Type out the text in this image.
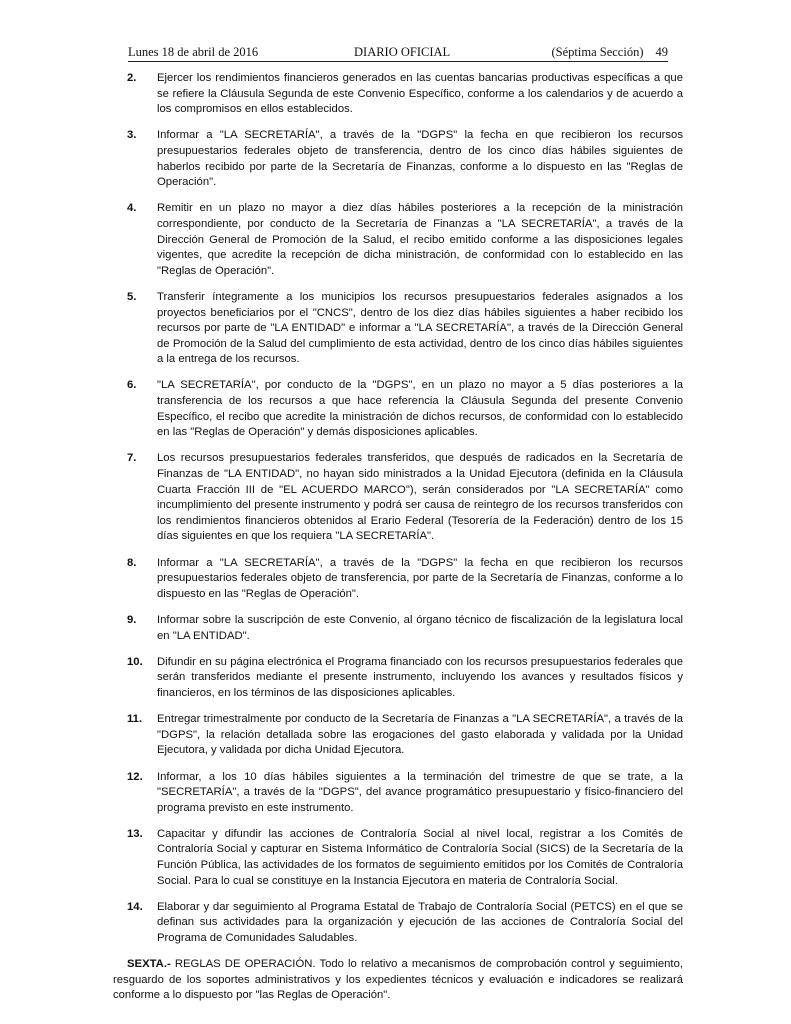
Lunes 18 de abril de 2016	DIARIO OFICIAL	(Séptima Sección) 49
2. Ejercer los rendimientos financieros generados en las cuentas bancarias productivas específicas a que se refiere la Cláusula Segunda de este Convenio Específico, conforme a los calendarios y de acuerdo a los compromisos en ellos establecidos.
3. Informar a "LA SECRETARÍA", a través de la "DGPS" la fecha en que recibieron los recursos presupuestarios federales objeto de transferencia, dentro de los cinco días hábiles siguientes de haberlos recibido por parte de la Secretaría de Finanzas, conforme a lo dispuesto en las "Reglas de Operación".
4. Remitir en un plazo no mayor a diez días hábiles posteriores a la recepción de la ministración correspondiente, por conducto de la Secretaría de Finanzas a "LA SECRETARÍA", a través de la Dirección General de Promoción de la Salud, el recibo emitido conforme a las disposiciones legales vigentes, que acredite la recepción de dicha ministración, de conformidad con lo establecido en las "Reglas de Operación".
5. Transferir íntegramente a los municipios los recursos presupuestarios federales asignados a los proyectos beneficiarios por el "CNCS", dentro de los diez días hábiles siguientes a haber recibido los recursos por parte de "LA ENTIDAD" e informar a "LA SECRETARÍA", a través de la Dirección General de Promoción de la Salud del cumplimiento de esta actividad, dentro de los cinco días hábiles siguientes a la entrega de los recursos.
6. "LA SECRETARÍA", por conducto de la "DGPS", en un plazo no mayor a 5 días posteriores a la transferencia de los recursos a que hace referencia la Cláusula Segunda del presente Convenio Específico, el recibo que acredite la ministración de dichos recursos, de conformidad con lo establecido en las "Reglas de Operación" y demás disposiciones aplicables.
7. Los recursos presupuestarios federales transferidos, que después de radicados en la Secretaría de Finanzas de "LA ENTIDAD", no hayan sido ministrados a la Unidad Ejecutora (definida en la Cláusula Cuarta Fracción III de "EL ACUERDO MARCO"), serán considerados por "LA SECRETARÍA" como incumplimiento del presente instrumento y podrá ser causa de reintegro de los recursos transferidos con los rendimientos financieros obtenidos al Erario Federal (Tesorería de la Federación) dentro de los 15 días siguientes en que los requiera "LA SECRETARÍA".
8. Informar a "LA SECRETARÍA", a través de la "DGPS" la fecha en que recibieron los recursos presupuestarios federales objeto de transferencia, por parte de la Secretaría de Finanzas, conforme a lo dispuesto en las "Reglas de Operación".
9. Informar sobre la suscripción de este Convenio, al órgano técnico de fiscalización de la legislatura local en "LA ENTIDAD".
10. Difundir en su página electrónica el Programa financiado con los recursos presupuestarios federales que serán transferidos mediante el presente instrumento, incluyendo los avances y resultados físicos y financieros, en los términos de las disposiciones aplicables.
11. Entregar trimestralmente por conducto de la Secretaría de Finanzas a "LA SECRETARÍA", a través de la "DGPS", la relación detallada sobre las erogaciones del gasto elaborada y validada por la Unidad Ejecutora, y validada por dicha Unidad Ejecutora.
12. Informar, a los 10 días hábiles siguientes a la terminación del trimestre de que se trate, a la "SECRETARÍA", a través de la "DGPS", del avance programático presupuestario y físico-financiero del programa previsto en este instrumento.
13. Capacitar y difundir las acciones de Contraloría Social al nivel local, registrar a los Comités de Contraloría Social y capturar en Sistema Informático de Contraloría Social (SICS) de la Secretaría de la Función Pública, las actividades de los formatos de seguimiento emitidos por los Comités de Contraloría Social. Para lo cual se constituye en la Instancia Ejecutora en materia de Contraloría Social.
14. Elaborar y dar seguimiento al Programa Estatal de Trabajo de Contraloría Social (PETCS) en el que se definan sus actividades para la organización y ejecución de las acciones de Contraloría Social del Programa de Comunidades Saludables.

SEXTA.- REGLAS DE OPERACIÓN. Todo lo relativo a mecanismos de comprobación control y seguimiento, resguardo de los soportes administrativos y los expedientes técnicos y evaluación e indicadores se realizará conforme a lo dispuesto por "las Reglas de Operación".
